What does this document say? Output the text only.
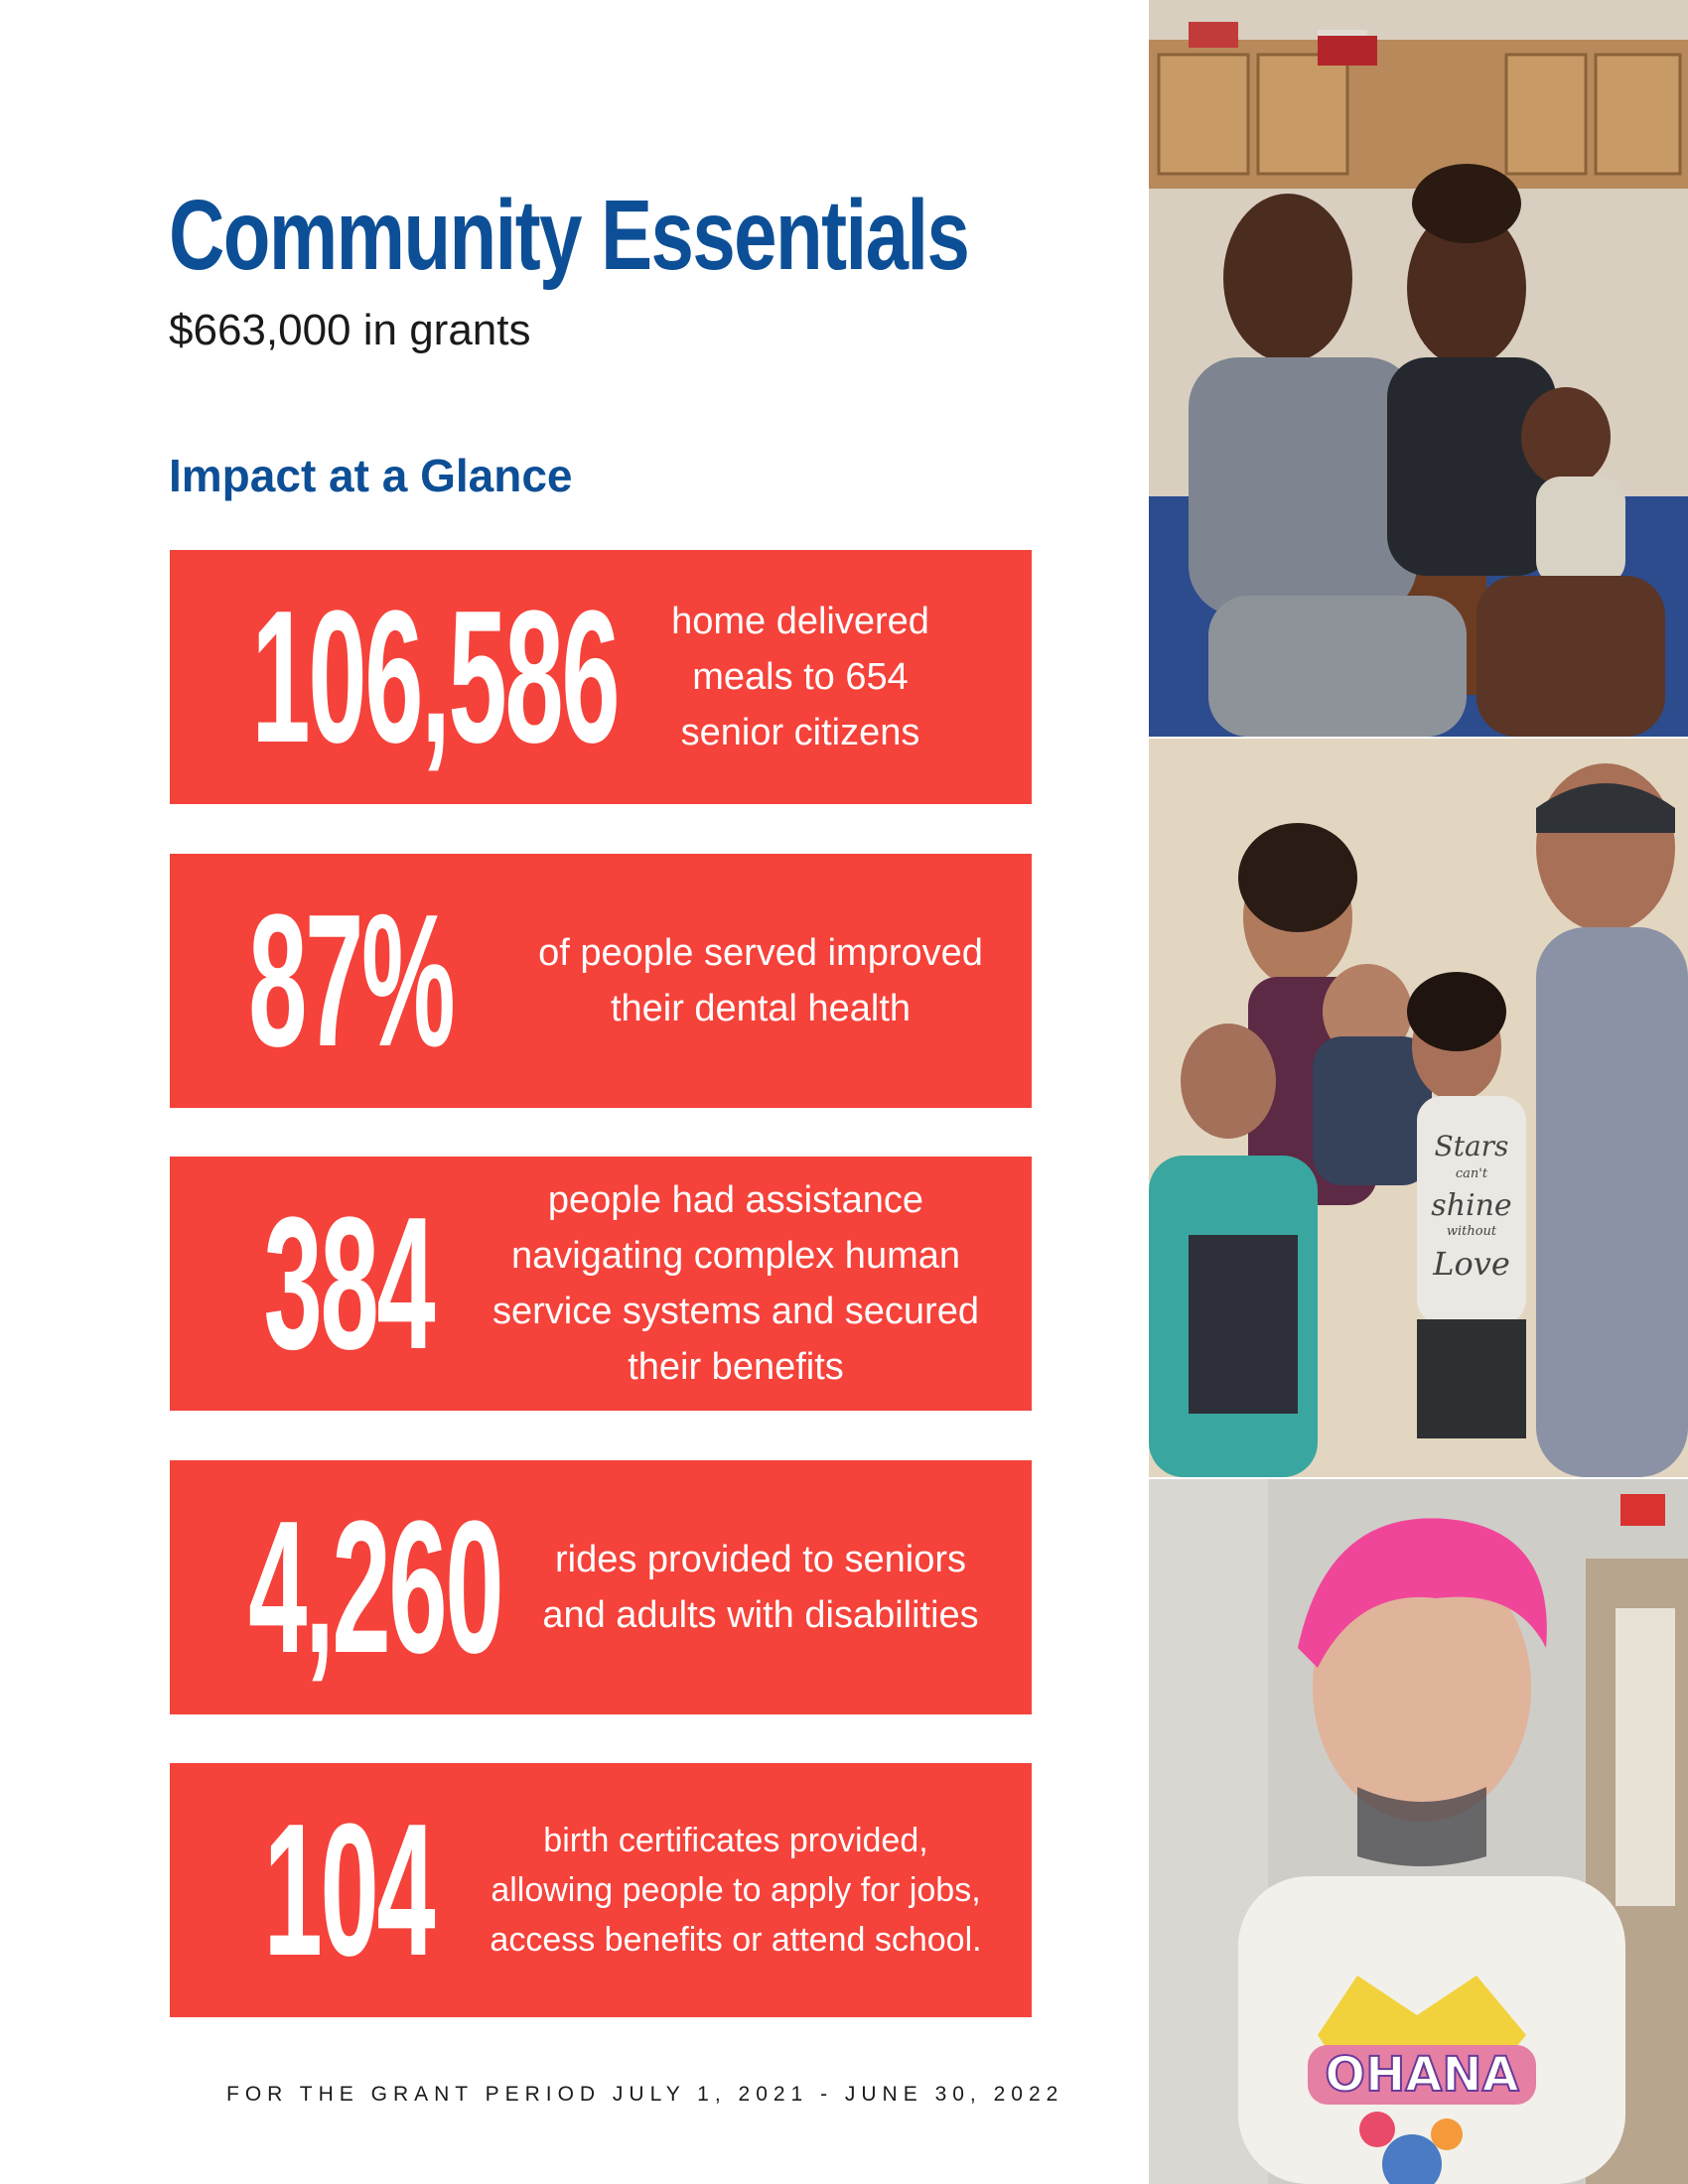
Community Essentials
$663,000 in grants
Impact at a Glance
106,586 home delivered
meals to 654
senior citizens
87% of people served improved
their dental health
384	people had assistance
navigating complex human
service systems and secured
their benefits
4,260	rides provided to seniors
and adults with disabilities
104	birth certificates provided,
allowing people to apply for jobs,
access benefits or attend school.
FOR THE GRANT PERIOD JULY 1, 2021 - JUNE 30, 2022
Stars
can't
shine
without
Love
OHANA
